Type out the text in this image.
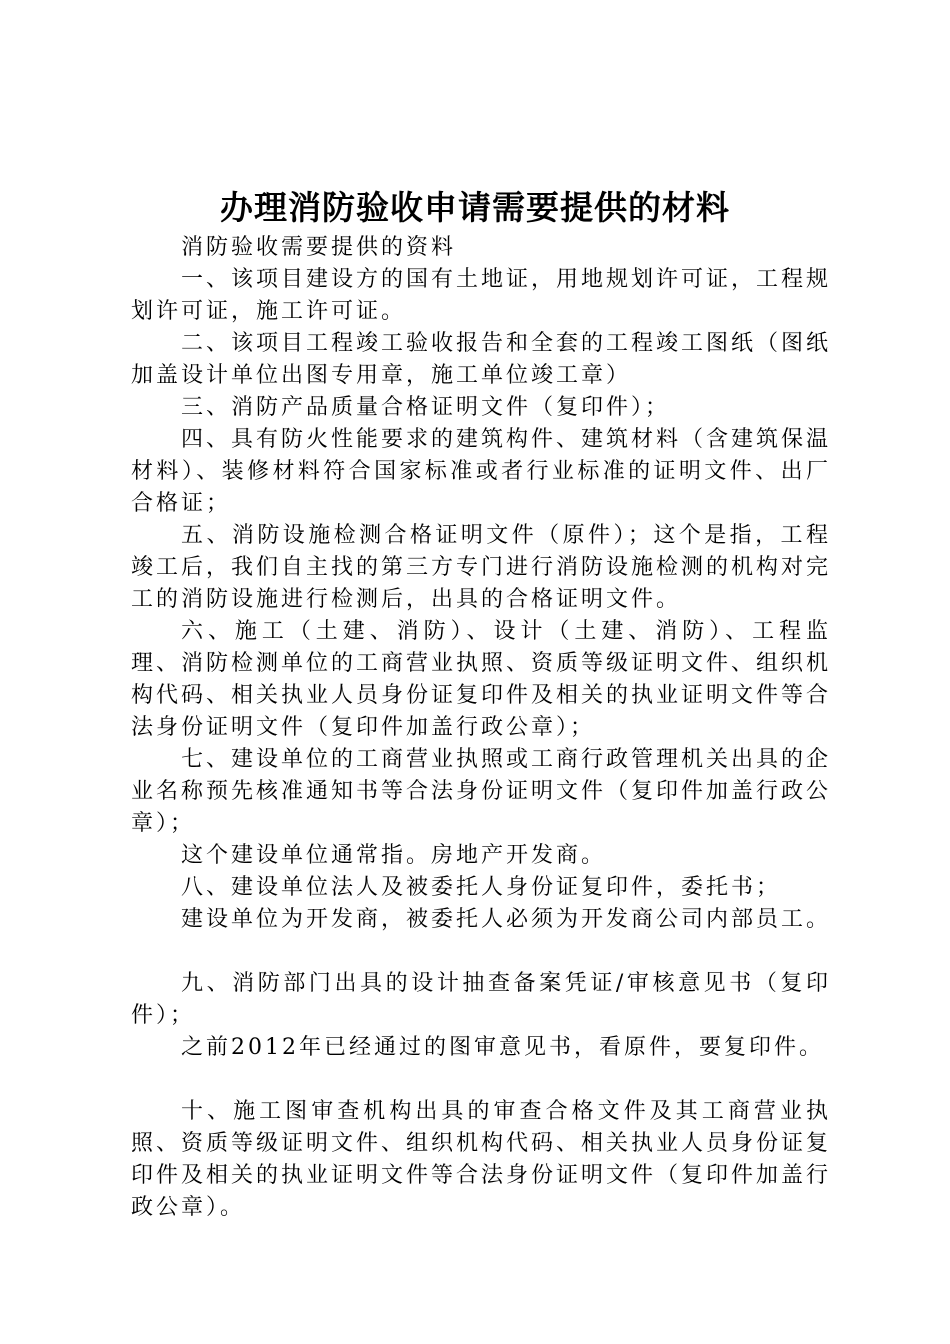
办理消防验收申请需要提供的材料

消防验收需要提供的资料

一、该项目建设方的国有土地证，用地规划许可证，工程规划许可证，施工许可证。

二、该项目工程竣工验收报告和全套的工程竣工图纸（图纸加盖设计单位出图专用章，施工单位竣工章）

三、消防产品质量合格证明文件（复印件）；

四、具有防火性能要求的建筑构件、建筑材料（含建筑保温材料）、装修材料符合国家标准或者行业标准的证明文件、出厂合格证；

五、消防设施检测合格证明文件（原件）；这个是指，工程竣工后，我们自主找的第三方专门进行消防设施检测的机构对完工的消防设施进行检测后，出具的合格证明文件。

六、施工（土建、消防）、设计（土建、消防）、工程监理、消防检测单位的工商营业执照、资质等级证明文件、组织机构代码、相关执业人员身份证复印件及相关的执业证明文件等合法身份证明文件（复印件加盖行政公章）；

七、建设单位的工商营业执照或工商行政管理机关出具的企业名称预先核准通知书等合法身份证明文件（复印件加盖行政公章）；

这个建设单位通常指。房地产开发商。

八、建设单位法人及被委托人身份证复印件，委托书；

建设单位为开发商，被委托人必须为开发商公司内部员工。

九、消防部门出具的设计抽查备案凭证/审核意见书（复印件）；

之前2012年已经通过的图审意见书，看原件，要复印件。

十、施工图审查机构出具的审查合格文件及其工商营业执照、资质等级证明文件、组织机构代码、相关执业人员身份证复印件及相关的执业证明文件等合法身份证明文件（复印件加盖行政公章）。
